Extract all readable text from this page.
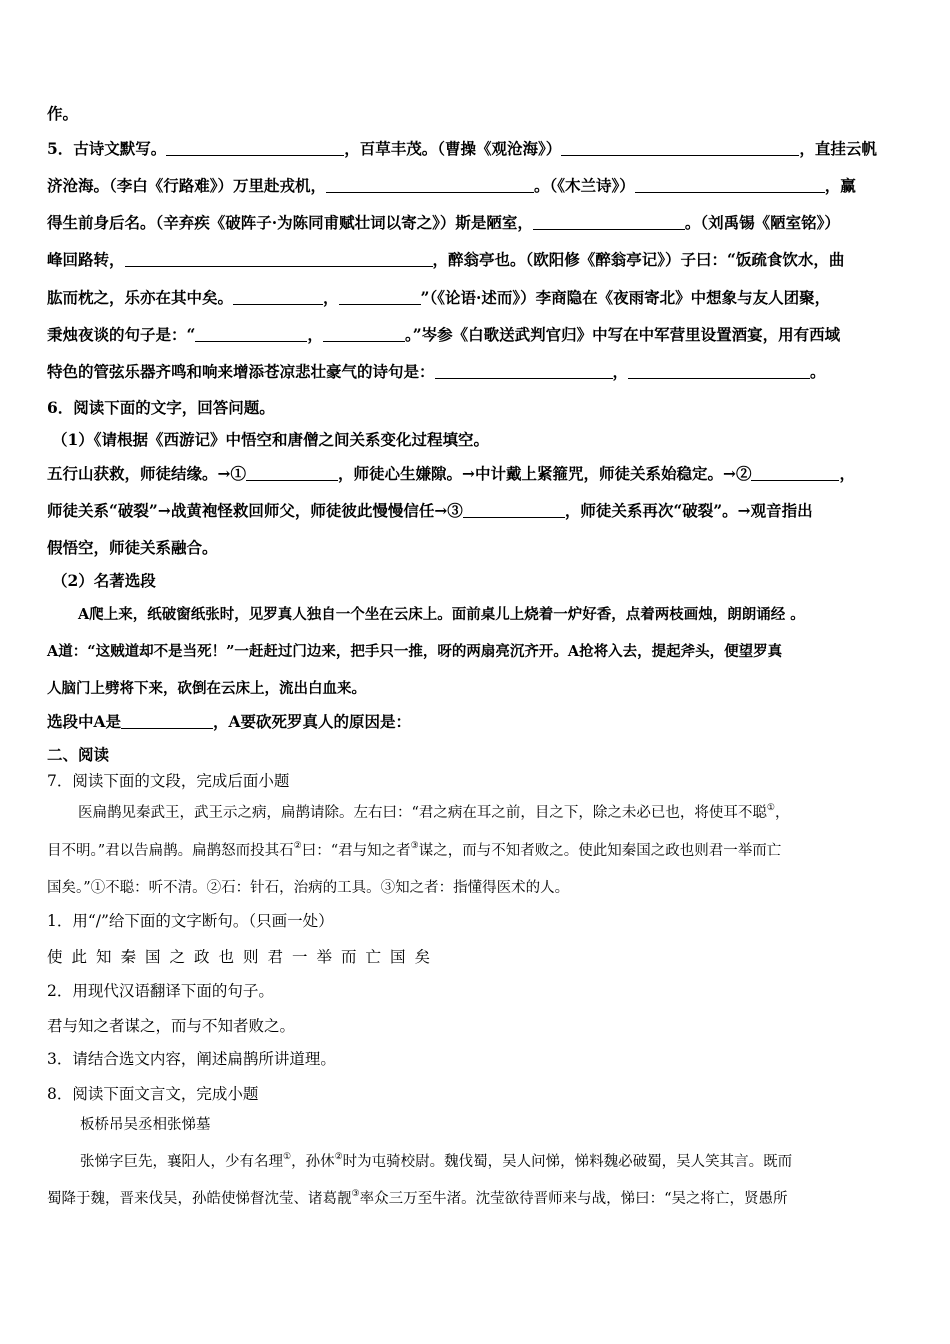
作。
5．古诗文默写。	，百草丰茂。（曹操《观沧海》）	，直挂云帆
济沧海。（李白《行路难》）万里赴戎机，	。（《木兰诗》）	，赢
得生前身后名。（辛弃疾《破阵子·为陈同甫赋壮词以寄之》）斯是陋室，	。（刘禹锡《陋室铭》）
峰回路转，	，醉翁亭也。（欧阳修《醉翁亭记》）子曰：“饭疏食饮水，曲
肱而枕之，乐亦在其中矣。	，	”（《论语·述而》）李商隐在《夜雨寄北》中想象与友人团聚，
秉烛夜谈的句子是：“	，	。”岑参《白歌送武判官归》中写在中军营里设置酒宴，用有西域
特色的管弦乐器齐鸣和响来增添苍凉悲壮豪气的诗句是：	，	。
6．阅读下面的文字，回答问题。
（1）《请根据《西游记》中悟空和唐僧之间关系变化过程填空。
五行山获救，师徒结缘。→①	，师徒心生嫌隙。→中计戴上紧箍咒，师徒关系始稳定。→②	，
师徒关系“破裂”→战黄袍怪救回师父，师徒彼此慢慢信任→③	，师徒关系再次“破裂”。→观音指出
假悟空，师徒关系融合。
（2）名著选段
A爬上来，纸破窗纸张时，见罗真人独自一个坐在云床上。面前桌儿上烧着一炉好香，点着两枝画烛，朗朗诵经 。
A道：“这贼道却不是当死！”一赶赶过门边来，把手只一推，呀的两扇亮沉齐开。A抢将入去，提起斧头，便望罗真
人脑门上劈将下来，砍倒在云床上，流出白血来。
选段中A是	，A要砍死罗真人的原因是：
二、阅读
7．阅读下面的文段，完成后面小题
医扁鹊见秦武王，武王示之病，扁鹊请除。左右曰：“君之病在耳之前，目之下，除之未必已也，将使耳不聪①，
目不明。”君以告扁鹊。扁鹊怒而投其石②曰：“君与知之者③谋之，而与不知者败之。使此知秦国之政也则君一举而亡
国矣。”①不聪：听不清。②石：针石，治病的工具。③知之者：指懂得医术的人。
1．用“/”给下面的文字断句。（只画一处）
使此知秦国之政也则君一举而亡国矣
2．用现代汉语翻译下面的句子。
君与知之者谋之，而与不知者败之。
3．请结合选文内容，阐述扁鹊所讲道理。
8．阅读下面文言文，完成小题
板桥吊吴丞相张悌墓
张悌字巨先，襄阳人，少有名理①，孙休②时为屯骑校尉。魏伐蜀，吴人问悌，悌料魏必破蜀，吴人笑其言。既而
蜀降于魏，晋来伐吴，孙皓使悌督沈莹、诸葛靓③率众三万至牛渚。沈莹欲待晋师来与战，悌曰：“吴之将亡，贤愚所
